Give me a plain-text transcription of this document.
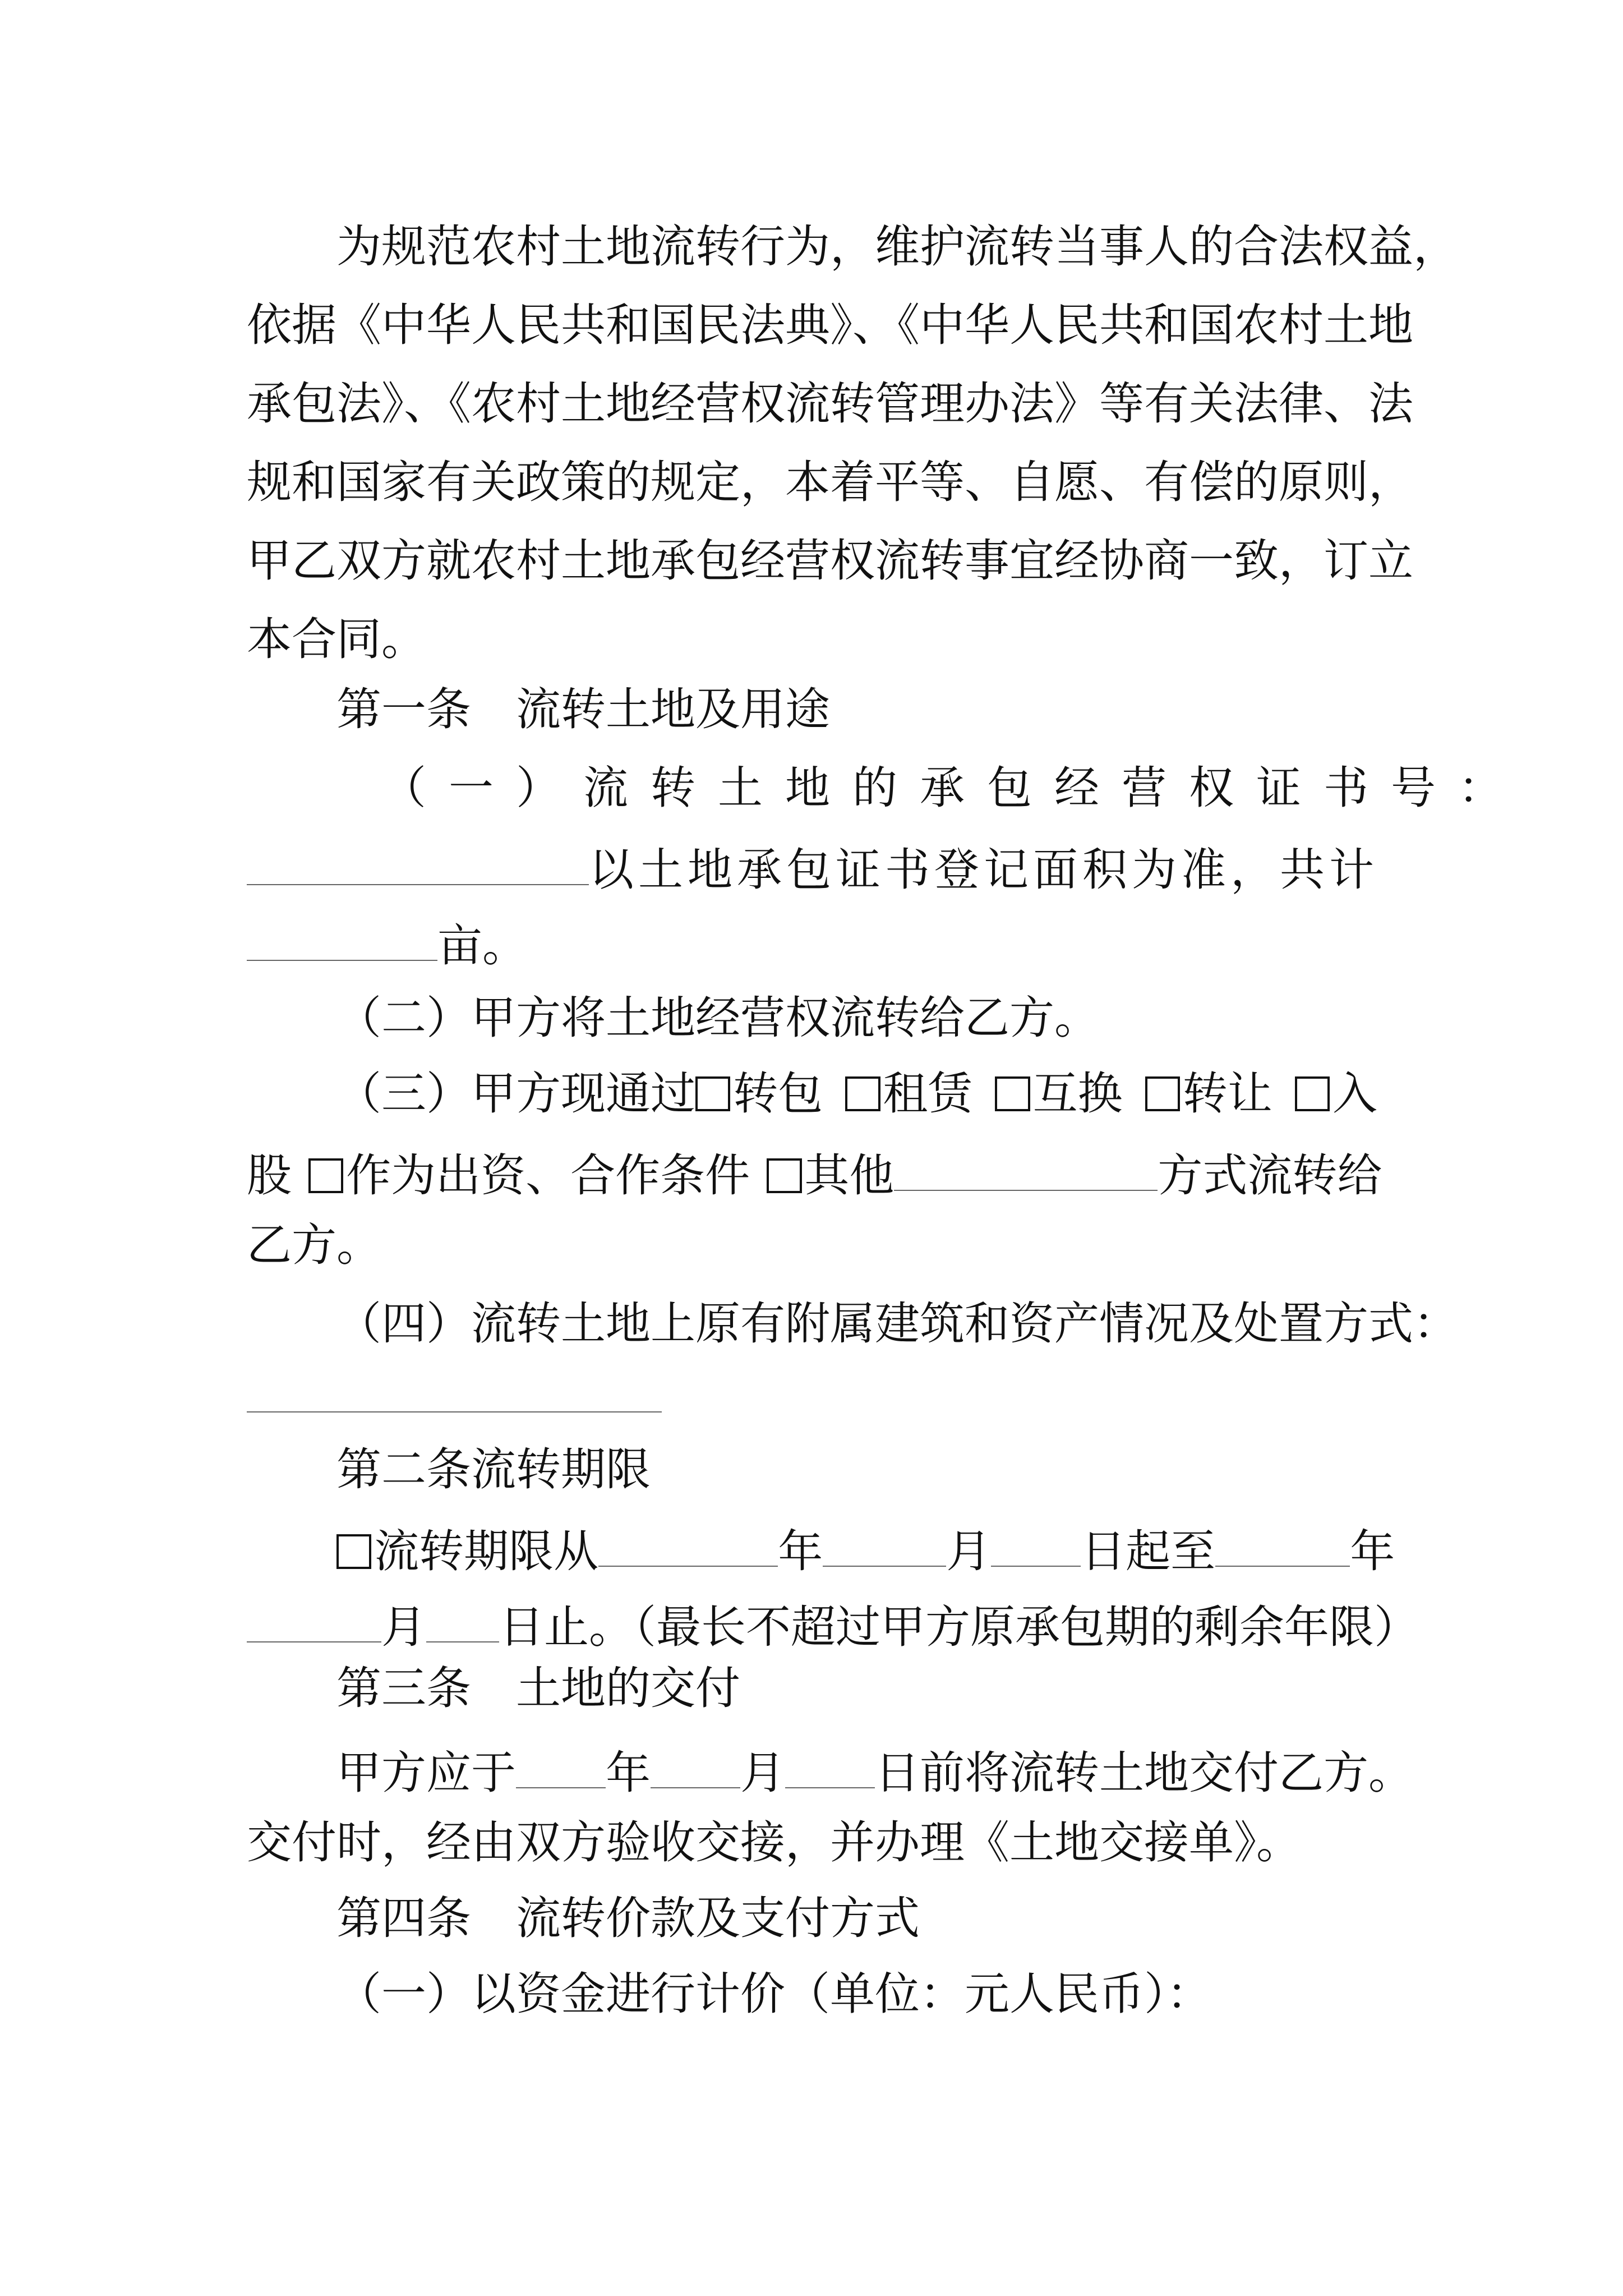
为规范农村土地流转行为，维护流转当事人的合法权益，
依据《中华人民共和国民法典》、《中华人民共和国农村土地
承包法》、《农村土地经营权流转管理办法》等有关法律、法
规和国家有关政策的规定，本着平等、自愿、有偿的原则，
甲乙双方就农村土地承包经营权流转事宜经协商一致，订立
本合同。
第一条 流转土地及用途
（一）流转土地的承包经营权证书号：
以土地承包证书登记面积为准，共计
亩。
（二）甲方将土地经营权流转给乙方。
（三）甲方现通过 转包 租赁 互换 转让 入
股 作为出资、合作条件 其他	方式流转给
乙方。
（四）流转土地上原有附属建筑和资产情况及处置方式：
第二条流转期限
流转期限从	年	月 日起至	年
月 日止。（最长不超过甲方原承包期的剩余年限）
第三条 土地的交付
甲方应于 年 月 日前将流转土地交付乙方。
交付时，经由双方验收交接，并办理《土地交接单》。
第四条 流转价款及支付方式
（一）以资金进行计价（单位：元人民币）：
